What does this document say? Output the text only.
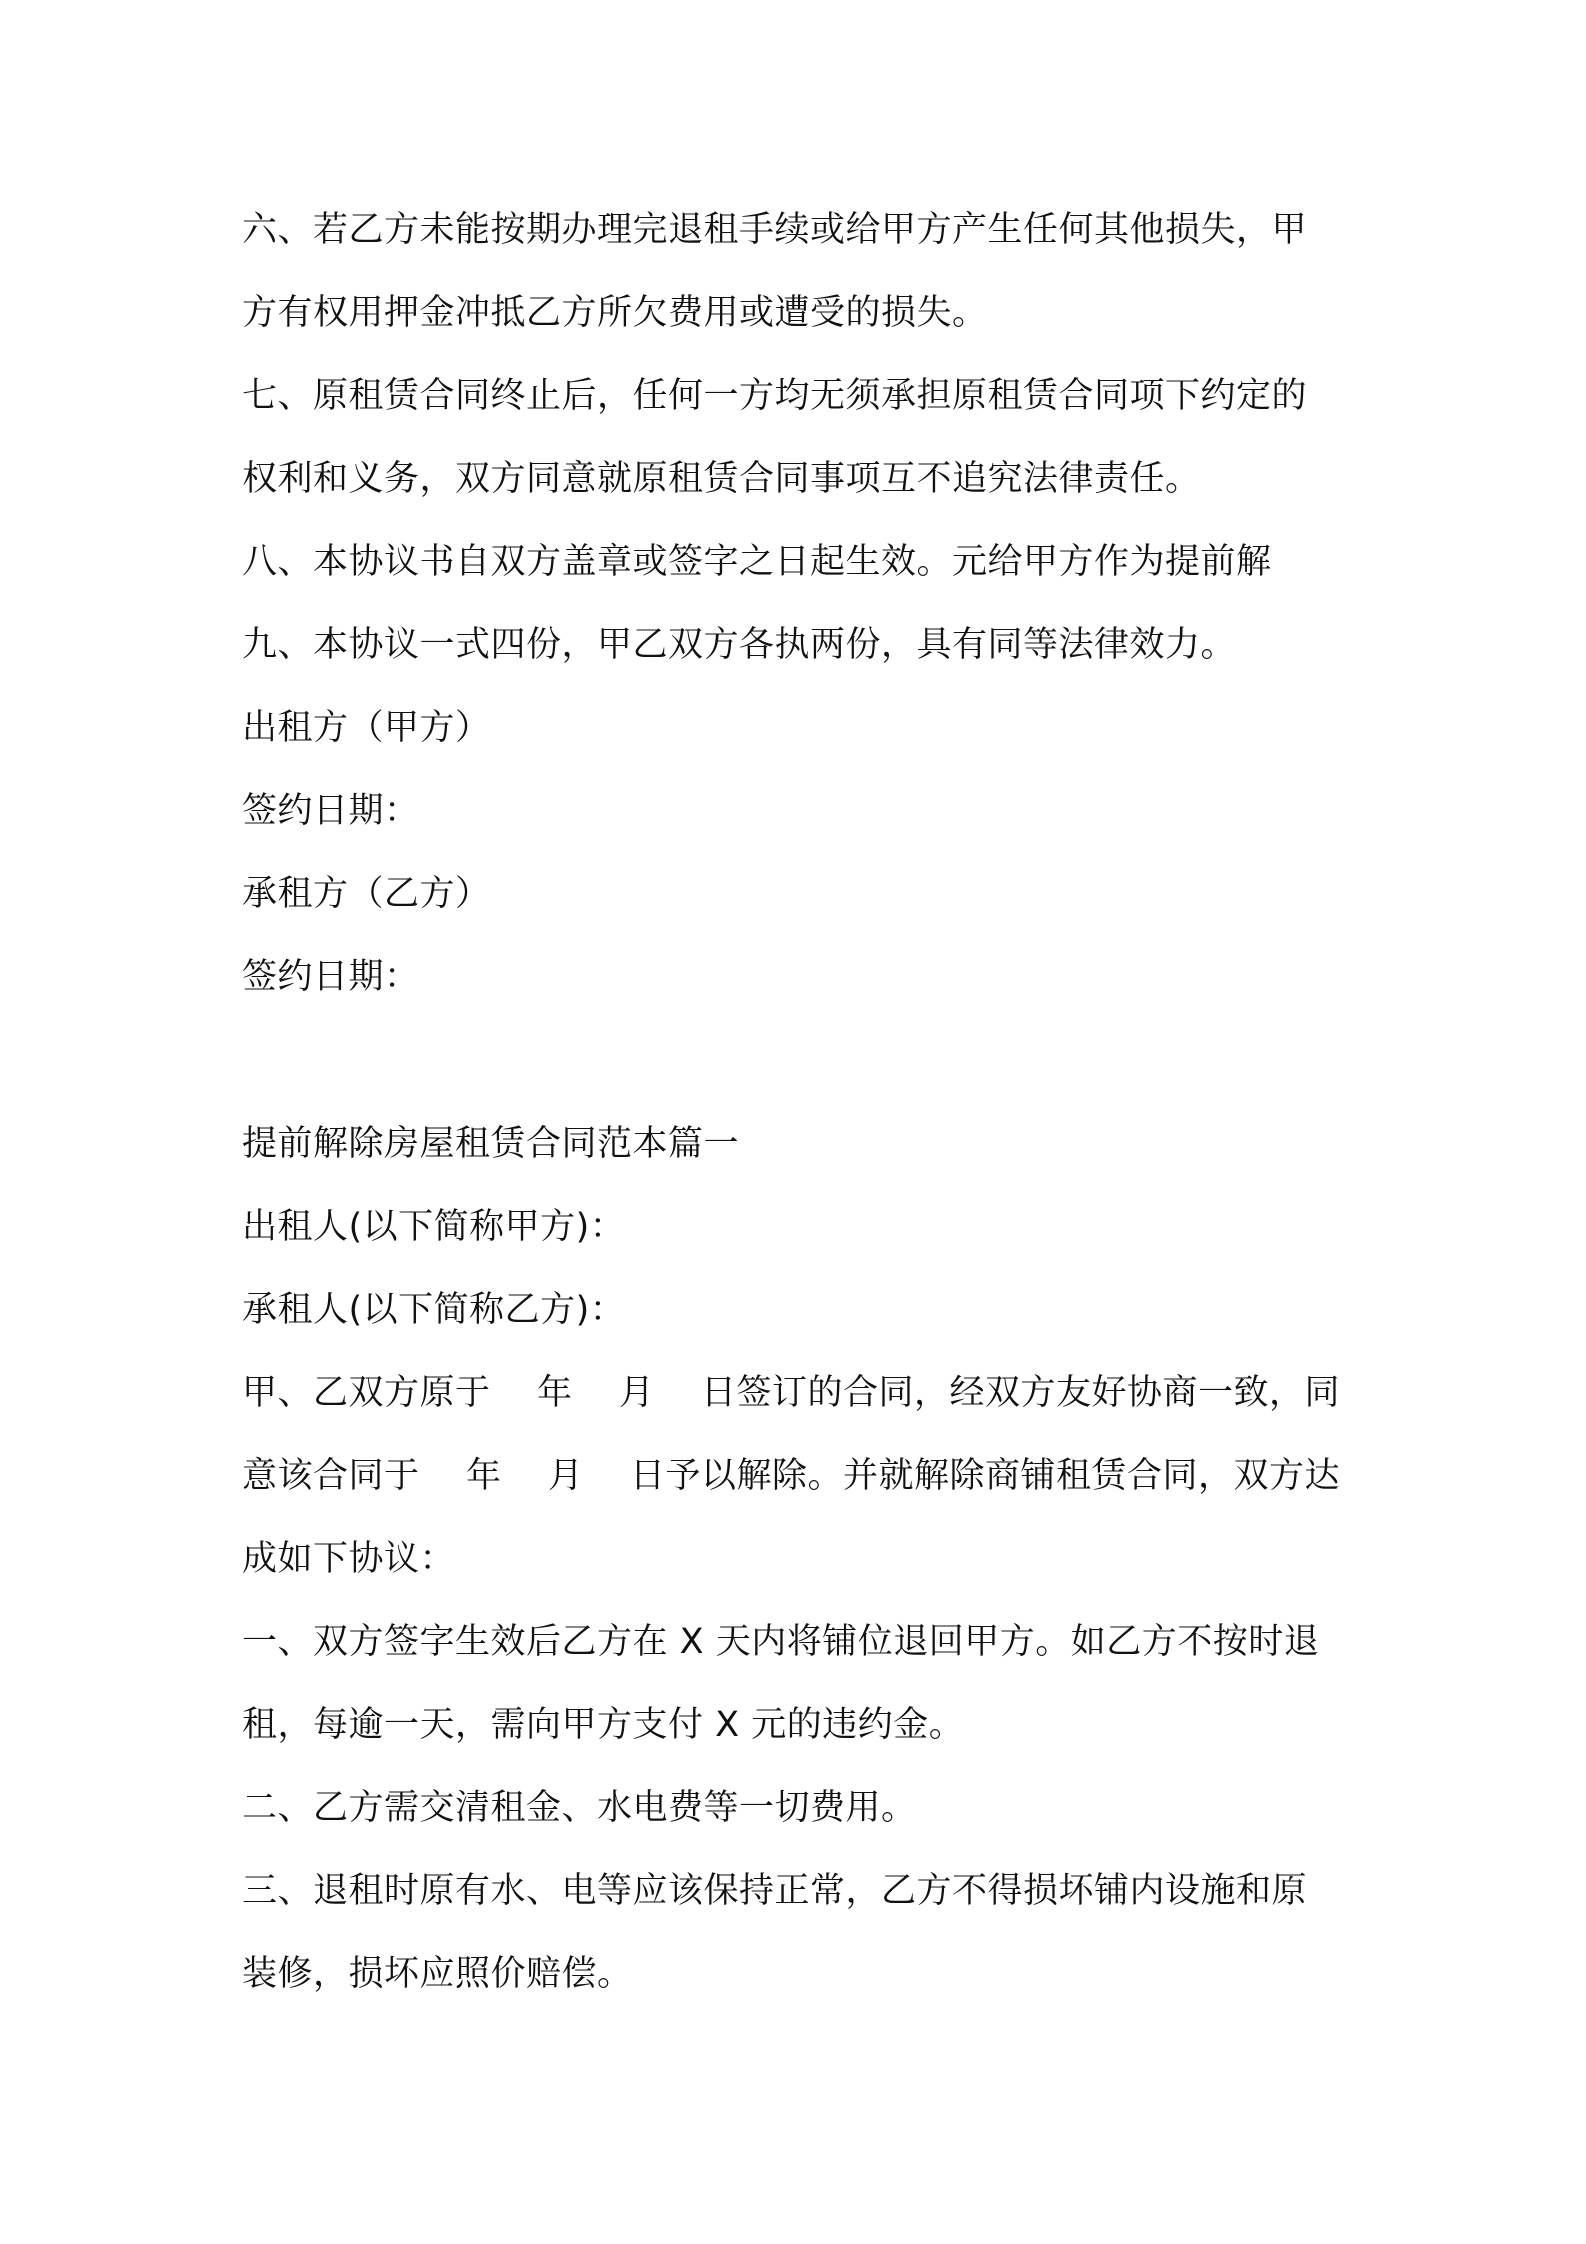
六、若乙方未能按期办理完退租手续或给甲方产生任何其他损失，甲
方有权用押金冲抵乙方所欠费用或遭受的损失。
七、原租赁合同终止后，任何一方均无须承担原租赁合同项下约定的
权利和义务，双方同意就原租赁合同事项互不追究法律责任。
八、本协议书自双方盖章或签字之日起生效。元给甲方作为提前解
九、本协议一式四份，甲乙双方各执两份，具有同等法律效力。
出租方（甲方）
签约日期：
承租方（乙方）
签约日期：
提前解除房屋租赁合同范本篇一
出租人(以下简称甲方)：
承租人(以下简称乙方)：
甲、乙双方原于    年    月    日签订的合同，经双方友好协商一致，同
意该合同于    年    月    日予以解除。并就解除商铺租赁合同，双方达
成如下协议：
一、双方签字生效后乙方在 X 天内将铺位退回甲方。如乙方不按时退
租，每逾一天，需向甲方支付 X 元的违约金。
二、乙方需交清租金、水电费等一切费用。
三、退租时原有水、电等应该保持正常，乙方不得损坏铺内设施和原
装修，损坏应照价赔偿。
